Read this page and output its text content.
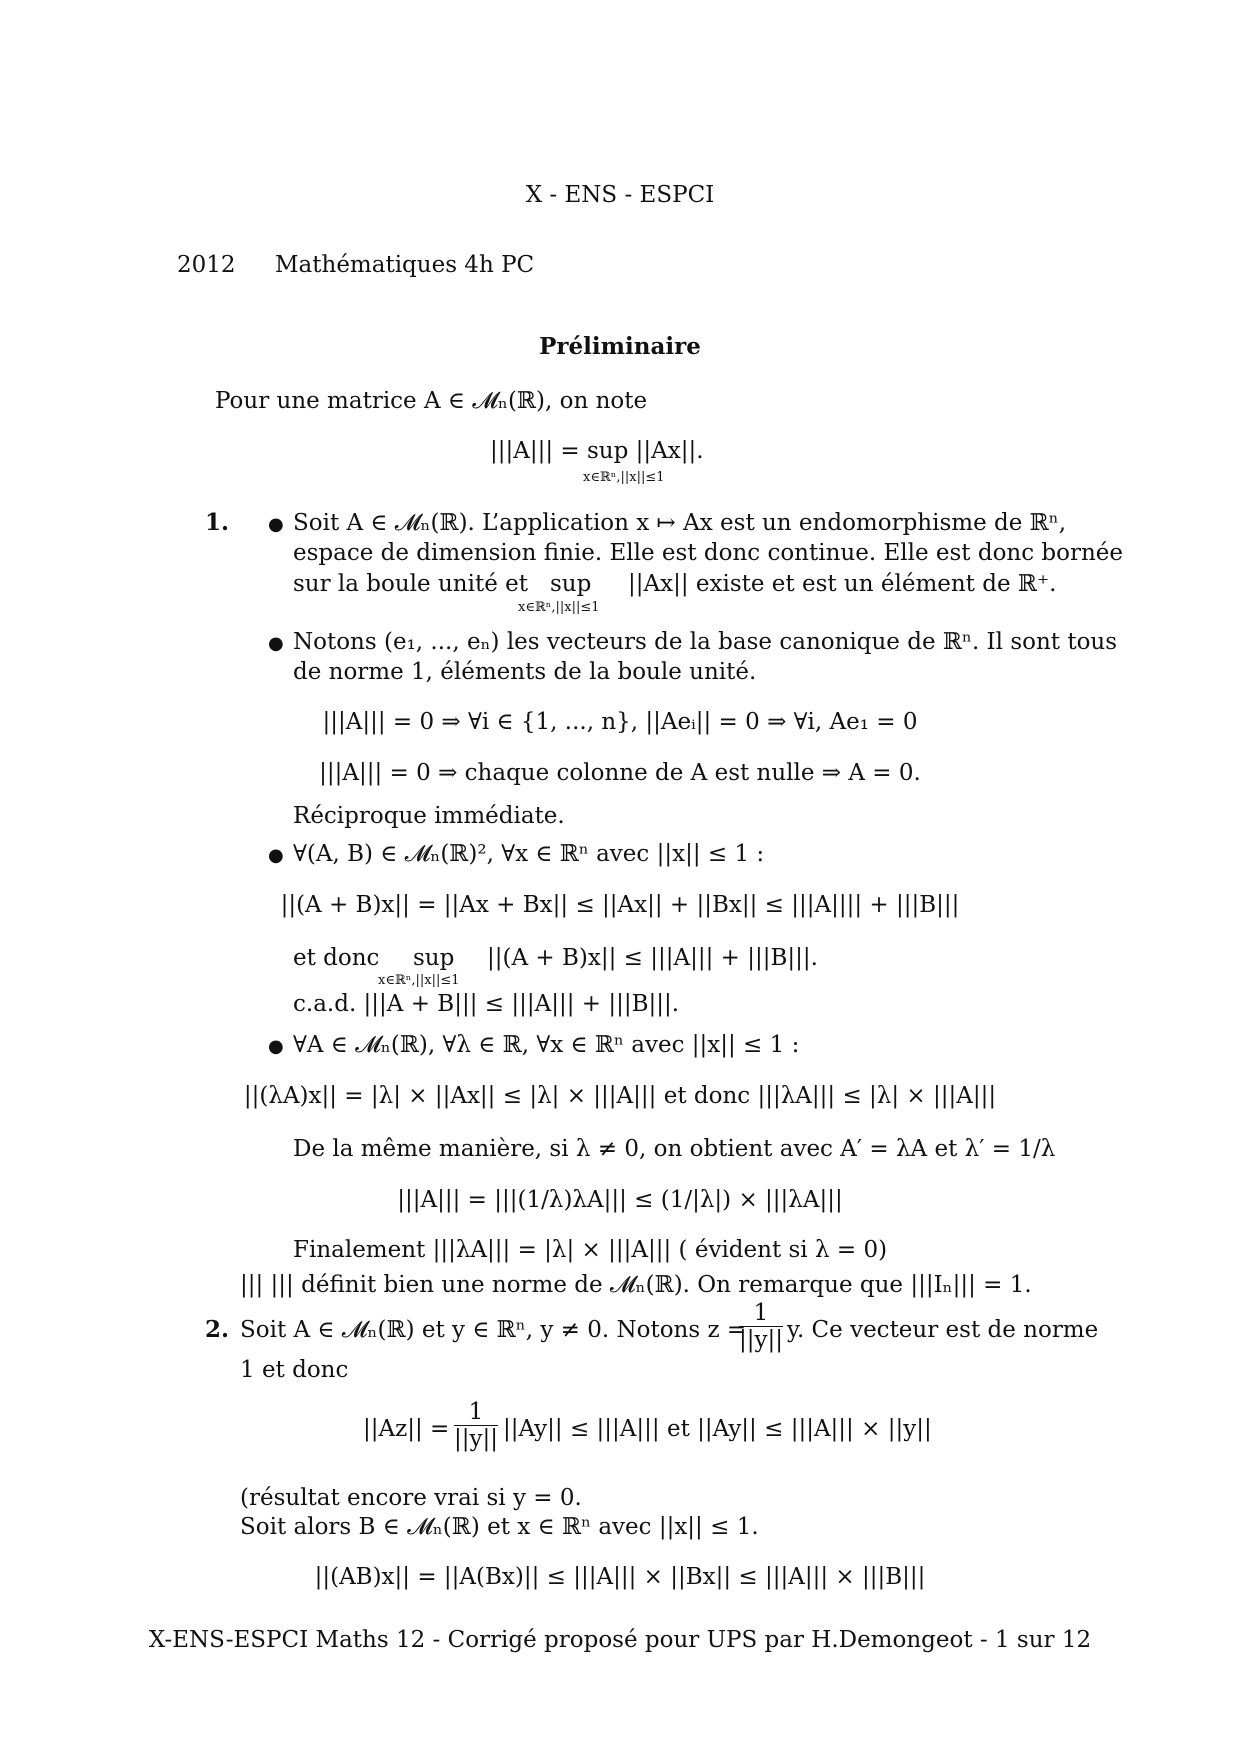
X - ENS - ESPCI
2012 Mathématiques 4h PC
Préliminaire
Pour une matrice A ∈ 𝓜ₙ(ℝ), on note
|||A||| = sup ||Ax||.
x∈ℝⁿ,||x||≤1
1. ● Soit A ∈ 𝓜ₙ(ℝ). L’application x ↦ Ax est un endomorphisme de ℝⁿ,
espace de dimension finie. Elle est donc continue. Elle est donc bornée
sur la boule unité et sup ||Ax|| existe et est un élément de ℝ⁺.
x∈ℝⁿ,||x||≤1
● Notons (e₁, ..., eₙ) les vecteurs de la base canonique de ℝⁿ. Il sont tous
de norme 1, éléments de la boule unité.
|||A||| = 0 ⇒ ∀i ∈ {1, ..., n}, ||Aeᵢ|| = 0 ⇒ ∀i, Ae₁ = 0
|||A||| = 0 ⇒ chaque colonne de A est nulle ⇒ A = 0.
Réciproque immédiate.
● ∀(A, B) ∈ 𝓜ₙ(ℝ)², ∀x ∈ ℝⁿ avec ||x|| ≤ 1 :
||(A + B)x|| = ||Ax + Bx|| ≤ ||Ax|| + ||Bx|| ≤ |||A|||| + |||B|||
et donc sup ||(A + B)x|| ≤ |||A||| + |||B|||.
x∈ℝⁿ,||x||≤1
c.a.d. |||A + B||| ≤ |||A||| + |||B|||.
● ∀A ∈ 𝓜ₙ(ℝ), ∀λ ∈ ℝ, ∀x ∈ ℝⁿ avec ||x|| ≤ 1 :
||(λA)x|| = |λ| × ||Ax|| ≤ |λ| × |||A||| et donc |||λA||| ≤ |λ| × |||A|||
De la même manière, si λ ≠ 0, on obtient avec A′ = λA et λ′ = 1/λ
|||A||| = |||(1/λ)λA||| ≤ (1/|λ|) × |||λA|||
Finalement |||λA||| = |λ| × |||A||| ( évident si λ = 0)
||| ||| définit bien une norme de 𝓜ₙ(ℝ). On remarque que |||Iₙ||| = 1.
2. Soit A ∈ 𝓜ₙ(ℝ) et y ∈ ℝⁿ, y ≠ 0. Notons z =
$\frac{1}{||y||} y$. Ce vecteur est de norme
1 et donc
$||Az|| = \frac{1}{||y||} ||Ay|| \le |||A|||$ et ||Ay|| ≤ |||A||| × ||y||
(résultat encore vrai si y = 0.
Soit alors B ∈ 𝓜ₙ(ℝ) et x ∈ ℝⁿ avec ||x|| ≤ 1.
||(AB)x|| = ||A(Bx)|| ≤ |||A||| × ||Bx|| ≤ |||A||| × |||B|||
X-ENS-ESPCI Maths 12 - Corrigé proposé pour UPS par H.Demongeot - 1 sur 12
